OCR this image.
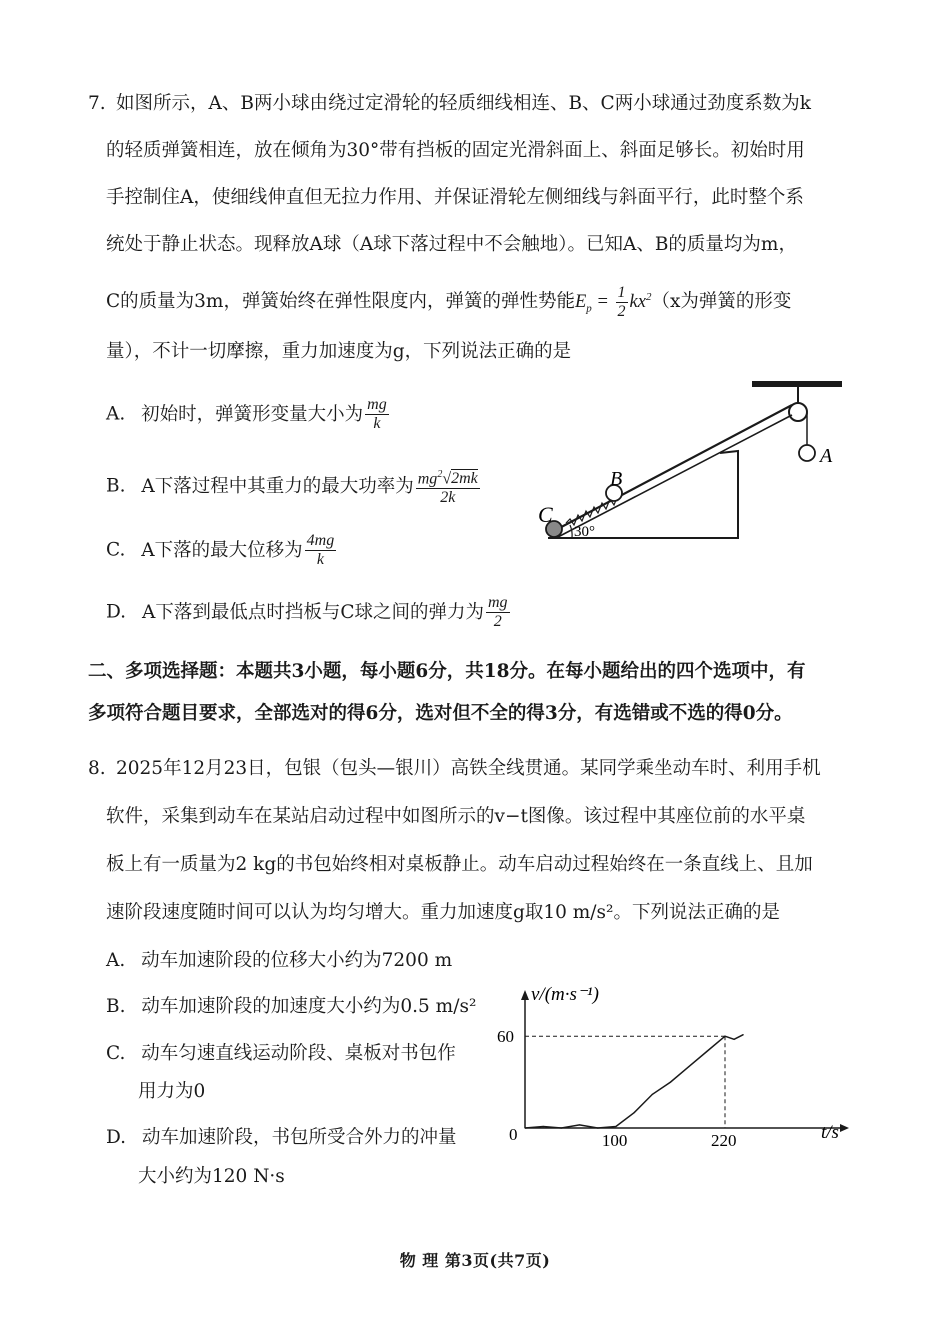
7. 如图所示，A、B两小球由绕过定滑轮的轻质细线相连、B、C两小球通过劲度系数为k
的轻质弹簧相连，放在倾角为30°带有挡板的固定光滑斜面上、斜面足够长。初始时用
手控制住A，使细线伸直但无拉力作用、并保证滑轮左侧细线与斜面平行，此时整个系
统处于静止状态。现释放A球（A球下落过程中不会触地）。已知A、B的质量均为m，
C的质量为3m，弹簧始终在弹性限度内，弹簧的弹性势能$E_p = \frac{1}{2} kx^2(x$为弹簧的形变
量），不计一切摩擦，重力加速度为g，下列说法正确的是
A. 初始时，弹簧形变量大小为 $\frac{mg}{k}$
B. A下落过程中其重力的最大功率为 $\frac{mg^2√2mk}{2k}$
C. A下落的最大位移为 $\frac{4mg}{k}$
D. A下落到最低点时挡板与C球之间的弹力为 $\frac{mg}{2}$
A
B
C
30°
二、多项选择题：本题共3小题，每小题6分，共18分。在每小题给出的四个选项中，有
多项符合题目要求，全部选对的得6分，选对但不全的得3分，有选错或不选的得0分。
8. 2025年12月23日，包银（包头—银川）高铁全线贯通。某同学乘坐动车时、利用手机
软件，采集到动车在某站启动过程中如图所示的v−t图像。该过程中其座位前的水平桌
板上有一质量为2 kg的书包始终相对桌板静止。动车启动过程始终在一条直线上、且加
速阶段速度随时间可以认为均匀增大。重力加速度g取10 m/s²。下列说法正确的是
A. 动车加速阶段的位移大小约为7200 m
B. 动车加速阶段的加速度大小约为0.5 m/s²
C. 动车匀速直线运动阶段、桌板对书包作
用力为0
D. 动车加速阶段，书包所受合外力的冲量
大小约为120 N·s
v/(m·s⁻¹)
t/s
0	100	220
60
物 理 第3页(共7页)
